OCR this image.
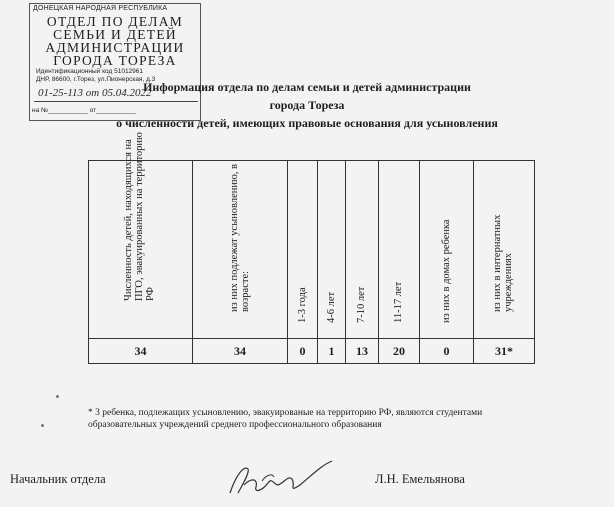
ДОНЕЦКАЯ НАРОДНАЯ РЕСПУБЛИКА
ОТДЕЛ ПО ДЕЛАМ
СЕМЬИ И ДЕТЕЙ
АДМИНИСТРАЦИИ
ГОРОДА ТОРЕЗА
Идентификационный код 51012961
ДНР, 86600, г.Торез, ул.Пионерская, д.3
01-25-113 от 05.04.2022
на №___________ от___________
Информация отдела по делам семьи и детей администрации
города Тореза
о численности детей, имеющих правовые основания для усыновления
Численность детей, находящихся на ПГО, эвакуированных на территорию РФ	из них подлежат усыновлению, в возрасте:	1-3 года	4-6 лет	7-10 лет	11-17 лет	из них в домах ребенка	из них в интернатных учреждениях

34	34	0	1	13	20	0	31*
* 3 ребенка, подлежащих усыновлению, эвакуированые на территорию РФ, являются студентами образовательных учреждений среднего профессионального образования
Начальник отдела	Л.Н. Емельянова
